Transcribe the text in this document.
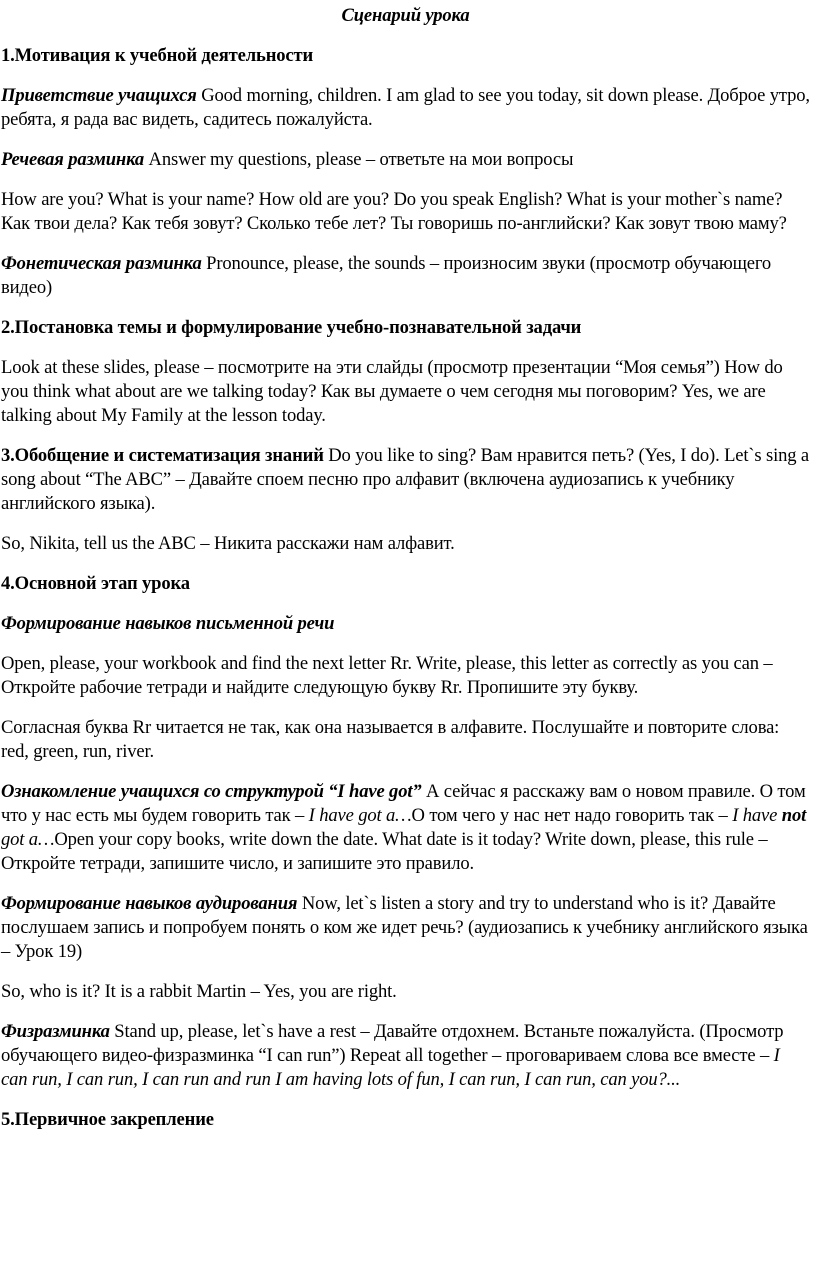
Сценарий урока

1.Мотивация к учебной деятельности

Приветствие учащихся Good morning, children. I am glad to see you today, sit down please. Доброе утро, ребята, я рада вас видеть, садитесь пожалуйста.

Речевая разминка Answer my questions, please – ответьте на мои вопросы

How are you? What is your name? How old are you? Do you speak English? What is your mother`s name? Как твои дела? Как тебя зовут? Сколько тебе лет? Ты говоришь по-английски? Как зовут твою маму?

Фонетическая разминка Pronounce, please, the sounds – произносим звуки (просмотр обучающего видео)

2.Постановка темы и формулирование учебно-познавательной задачи

Look at these slides, please – посмотрите на эти слайды (просмотр презентации “Моя семья”) How do you think what about are we talking today? Как вы думаете о чем сегодня мы поговорим? Yes, we are talking about My Family at the lesson today.

3.Обобщение и систематизация знаний Do you like to sing? Вам нравится петь? (Yes, I do). Let`s sing a song about “The ABC” – Давайте споем песню про алфавит (включена аудиозапись к учебнику английского языка).

So, Nikita, tell us the ABC – Никита расскажи нам алфавит.

4.Основной этап урока

Формирование навыков письменной речи

Open, please, your workbook and find the next letter Rr. Write, please, this letter as correctly as you can – Откройте рабочие тетради и найдите следующую букву Rr. Пропишите эту букву.

Согласная буква Rr читается не так, как она называется в алфавите. Послушайте и повторите слова: red, green, run, river.

Ознакомление учащихся со структурой “I have got” А сейчас я расскажу вам о новом правиле. О том что у нас есть мы будем говорить так – I have got a…О том чего у нас нет надо говорить так – I have not got a…Open your copy books, write down the date. What date is it today? Write down, please, this rule – Откройте тетради, запишите число, и запишите это правило.

Формирование навыков аудирования Now, let`s listen a story and try to understand who is it? Давайте послушаем запись и попробуем понять о ком же идет речь? (аудиозапись к учебнику английского языка – Урок 19)

So, who is it? It is a rabbit Martin – Yes, you are right.

Физразминка Stand up, please, let`s have a rest – Давайте отдохнем. Встаньте пожалуйста. (Просмотр обучающего видео-физразминка “I can run”) Repeat all together – проговариваем слова все вместе – I can run, I can run, I can run and run I am having lots of fun, I can run, I can run, can you?...

5.Первичное закрепление
